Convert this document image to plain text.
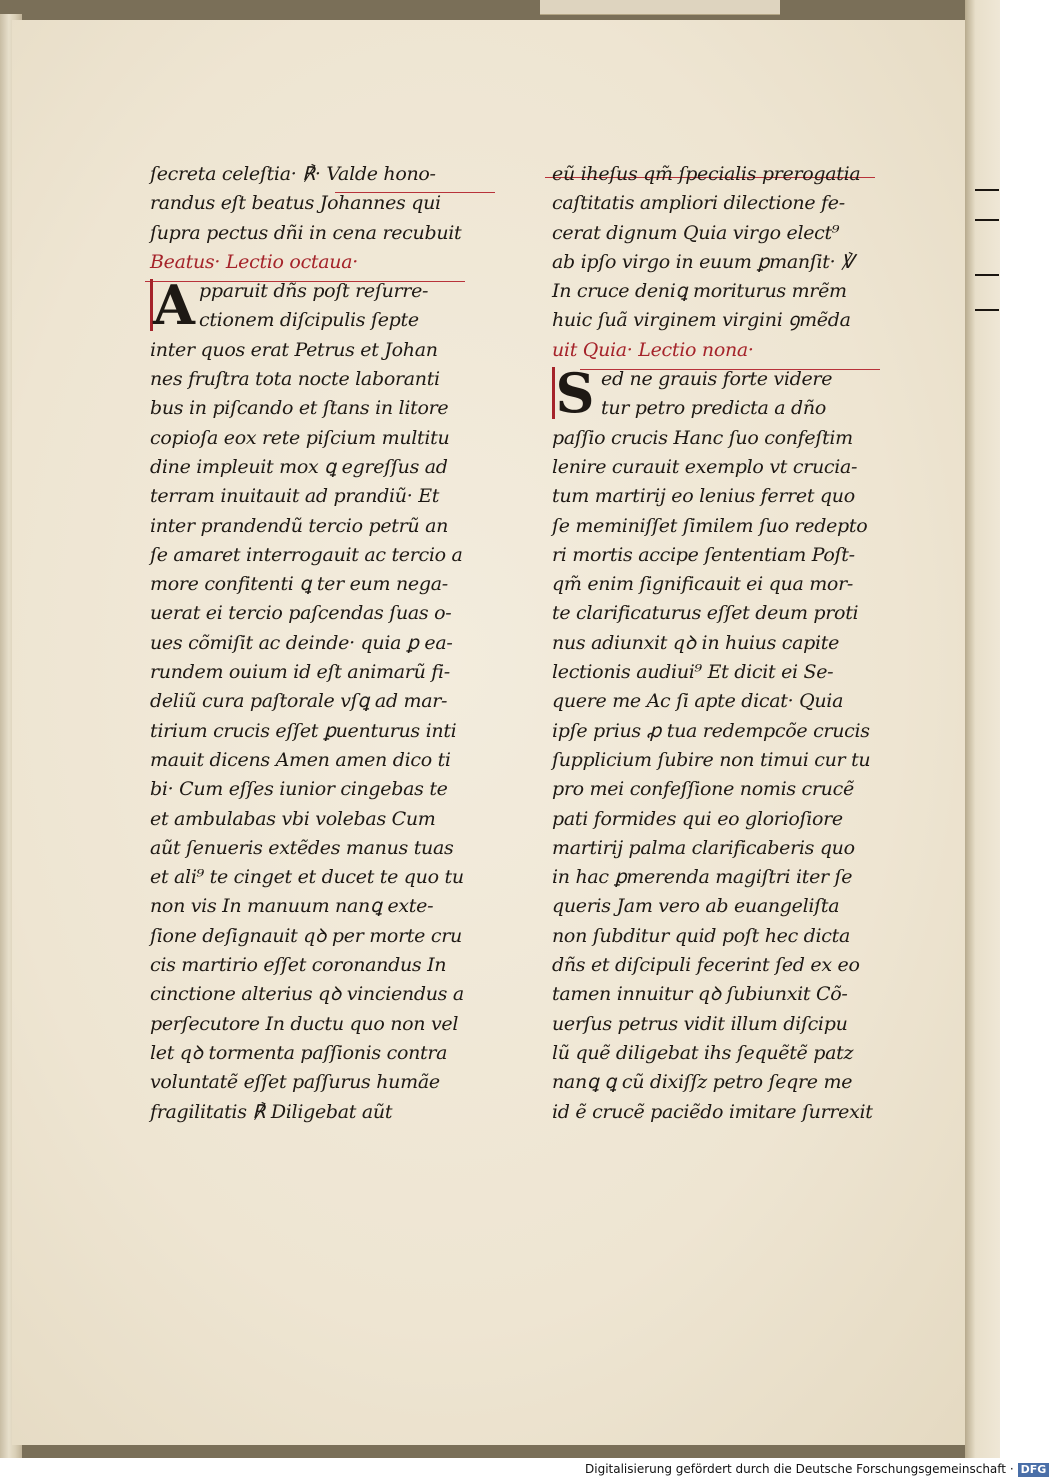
ſecreta celeſtia· ℟· Valde hono-
randus eſt beatus Johannes qui
ſupra pectus dñi in cena recubuit
Beatus· Lectio octaua·
A pparuit dñs poſt reſurre-
ctionem diſcipulis ſepte
inter quos erat Petrus et Johan
nes fruſtra tota nocte laboranti
bus in piſcando et ſtans in litore
copioſa eox rete piſcium multitu
dine impleuit mox ꝗ egreſſus ad
terram inuitauit ad prandiũ· Et
inter prandendũ tercio petrũ an
ſe amaret interrogauit ac tercio a
more confitenti ꝗ ter eum nega-
uerat ei tercio paſcendas ſuas o-
ues cõmiſit ac deinde· quia ꝑ ea-
rundem ouium id eſt animarũ fi-
deliũ cura paſtorale vſꝗ ad mar-
tirium crucis eſſet ꝑuenturus inti
mauit dicens Amen amen dico ti
bi· Cum eſſes iunior cingebas te
et ambulabas vbi volebas Cum
aũt ſenueris extẽdes manus tuas
et ali⁹ te cinget et ducet te quo tu
non vis In manuum nanꝗ exte-
ſione deſignauit qꝺ per morte cru
cis martirio eſſet coronandus In
cinctione alterius qꝺ vinciendus a
perſecutore In ductu quo non vel
let qꝺ tormenta paſſionis contra
voluntatẽ eſſet paſſurus humãe
fragilitatis ℟ Diligebat aũt
eũ iheſus qm̃ ſpecialis prerogatia
caſtitatis ampliori dilectione fe-
cerat dignum Quia virgo elect⁹
ab ipſo virgo in euum ꝑmanſit· ℣
In cruce deniꝗ moriturus mrẽm
huic ſuã virginem virgini ꝯmẽda
uit Quia· Lectio nona·
S ed ne grauis forte videre
tur petro predicta a dño
paſſio crucis Hanc ſuo confeſtim
lenire curauit exemplo vt crucia-
tum martirij eo lenius ferret quo
ſe meminiſſet ſimilem ſuo redepto
ri mortis accipe ſententiam Poſt-
qm̃ enim ſignificauit ei qua mor-
te clarificaturus eſſet deum proti
nus adiunxit qꝺ in huius capite
lectionis audiui⁹ Et dicit ei Se-
quere me Ac ſi apte dicat· Quia
ipſe prius ꝓ tua redempcõe crucis
ſupplicium ſubire non timui cur tu
pro mei confeſſione nomis crucẽ
pati formides qui eo glorioſiore
martirij palma clarificaberis quo
in hac ꝑmerenda magiſtri iter ſe
queris Jam vero ab euangeliſta
non ſubditur quid poſt hec dicta
dñs et diſcipuli fecerint ſed ex eo
tamen innuitur qꝺ ſubiunxit Cõ-
uerſus petrus vidit illum diſcipu
lũ quẽ diligebat ihs ſequẽtẽ patz
nanꝗ ꝗ cũ dixiſſz petro ſeqre me
id ẽ crucẽ paciẽdo imitare ſurrexit
Digitalisierung gefördert durch die Deutsche Forschungsgemeinschaft · DFG
